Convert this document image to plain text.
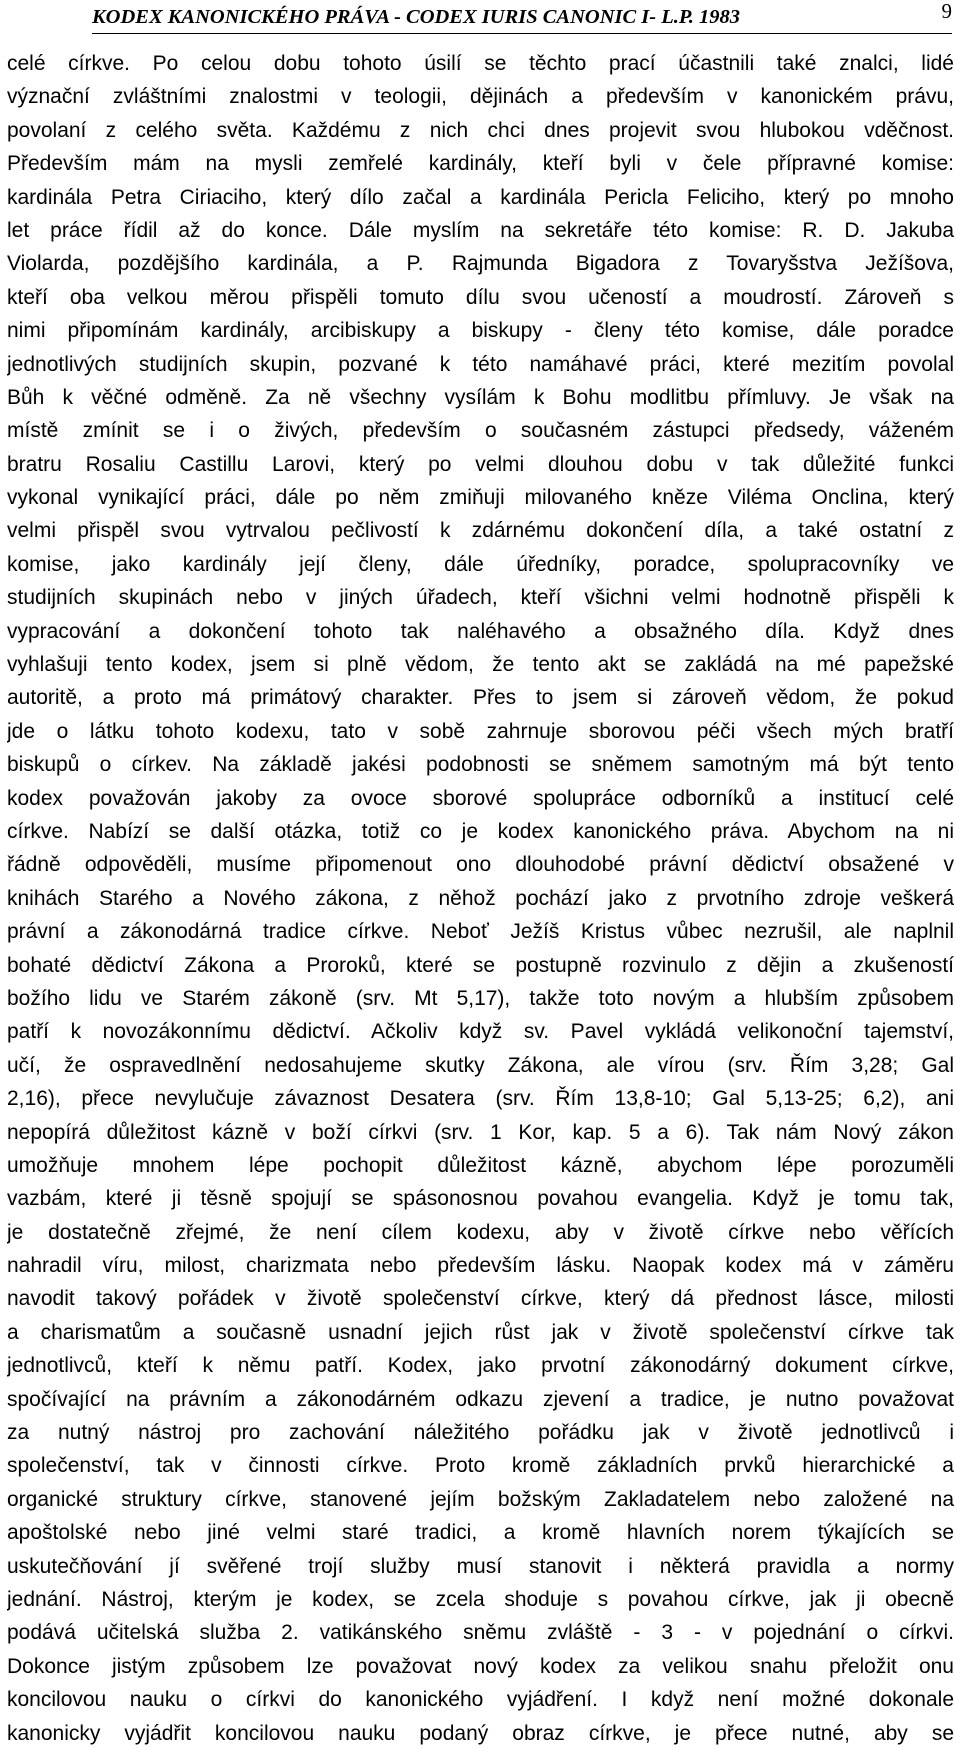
KODEX KANONICKÉHO PRÁVA - CODEX IURIS CANONIC I- L.P. 1983	9
celé církve. Po celou dobu tohoto úsilí se těchto prací účastnili také znalci, lidé
význační zvláštními znalostmi v teologii, dějinách a především v kanonickém právu,
povolaní z celého světa. Každému z nich chci dnes projevit svou hlubokou vděčnost.
Především mám na mysli zemřelé kardinály, kteří byli v čele přípravné komise:
kardinála Petra Ciriaciho, který dílo začal a kardinála Pericla Feliciho, který po mnoho
let práce řídil až do konce. Dále myslím na sekretáře této komise: R. D. Jakuba
Violarda, pozdějšího kardinála, a P. Rajmunda Bigadora z Tovaryšstva Ježíšova,
kteří oba velkou měrou přispěli tomuto dílu svou učeností a moudrostí. Zároveň s
nimi připomínám kardinály, arcibiskupy a biskupy - členy této komise, dále poradce
jednotlivých studijních skupin, pozvané k této namáhavé práci, které mezitím povolal
Bůh k věčné odměně. Za ně všechny vysílám k Bohu modlitbu přímluvy. Je však na
místě zmínit se i o živých, především o současném zástupci předsedy, váženém
bratru Rosaliu Castillu Larovi, který po velmi dlouhou dobu v tak důležité funkci
vykonal vynikající práci, dále po něm zmiňuji milovaného kněze Viléma Onclina, který
velmi přispěl svou vytrvalou pečlivostí k zdárnému dokončení díla, a také ostatní z
komise, jako kardinály její členy, dále úředníky, poradce, spolupracovníky ve
studijních skupinách nebo v jiných úřadech, kteří všichni velmi hodnotně přispěli k
vypracování a dokončení tohoto tak naléhavého a obsažného díla. Když dnes
vyhlašuji tento kodex, jsem si plně vědom, že tento akt se zakládá na mé papežské
autoritě, a proto má primátový charakter. Přes to jsem si zároveň vědom, že pokud
jde o látku tohoto kodexu, tato v sobě zahrnuje sborovou péči všech mých bratří
biskupů o církev. Na základě jakési podobnosti se sněmem samotným má být tento
kodex považován jakoby za ovoce sborové spolupráce odborníků a institucí celé
církve. Nabízí se další otázka, totiž co je kodex kanonického práva. Abychom na ni
řádně odpověděli, musíme připomenout ono dlouhodobé právní dědictví obsažené v
knihách Starého a Nového zákona, z něhož pochází jako z prvotního zdroje veškerá
právní a zákonodárná tradice církve. Neboť Ježíš Kristus vůbec nezrušil, ale naplnil
bohaté dědictví Zákona a Proroků, které se postupně rozvinulo z dějin a zkušeností
božího lidu ve Starém zákoně (srv. Mt 5,17), takže toto novým a hlubším způsobem
patří k novozákonnímu dědictví. Ačkoliv když sv. Pavel vykládá velikonoční tajemství,
učí, že ospravedlnění nedosahujeme skutky Zákona, ale vírou (srv. Řím 3,28; Gal
2,16), přece nevylučuje závaznost Desatera (srv. Řím 13,8-10; Gal 5,13-25; 6,2), ani
nepopírá důležitost kázně v boží církvi (srv. 1 Kor, kap. 5 a 6). Tak nám Nový zákon
umožňuje mnohem lépe pochopit důležitost kázně, abychom lépe porozuměli
vazbám, které ji těsně spojují se spásonosnou povahou evangelia. Když je tomu tak,
je dostatečně zřejmé, že není cílem kodexu, aby v životě církve nebo věřících
nahradil víru, milost, charizmata nebo především lásku. Naopak kodex má v záměru
navodit takový pořádek v životě společenství církve, který dá přednost lásce, milosti
a charismatům a současně usnadní jejich růst jak v životě společenství církve tak
jednotlivců, kteří k němu patří. Kodex, jako prvotní zákonodárný dokument církve,
spočívající na právním a zákonodárném odkazu zjevení a tradice, je nutno považovat
za nutný nástroj pro zachování náležitého pořádku jak v životě jednotlivců i
společenství, tak v činnosti církve. Proto kromě základních prvků hierarchické a
organické struktury církve, stanovené jejím božským Zakladatelem nebo založené na
apoštolské nebo jiné velmi staré tradici, a kromě hlavních norem týkajících se
uskutečňování jí svěřené trojí služby musí stanovit i některá pravidla a normy
jednání. Nástroj, kterým je kodex, se zcela shoduje s povahou církve, jak ji obecně
podává učitelská služba 2. vatikánského sněmu zvláště - 3 - v pojednání o církvi.
Dokonce jistým způsobem lze považovat nový kodex za velikou snahu přeložit onu
koncilovou nauku o církvi do kanonického vyjádření. I když není možné dokonale
kanonicky vyjádřit koncilovou nauku podaný obraz církve, je přece nutné, aby se
